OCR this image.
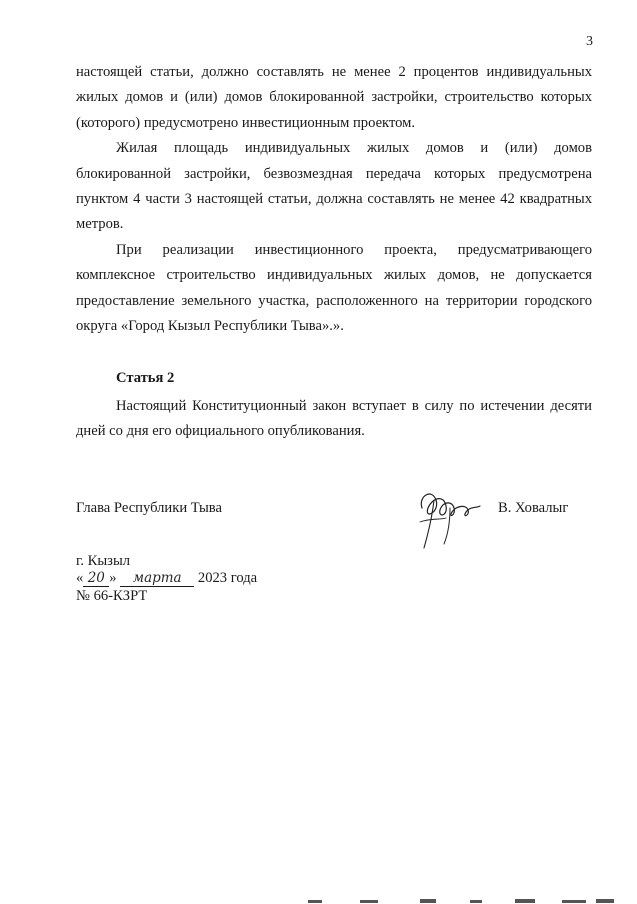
3

настоящей статьи, должно составлять не менее 2 процентов индивидуальных жилых домов и (или) домов блокированной застройки, строительство которых (которого) предусмотрено инвестиционным проектом.

Жилая площадь индивидуальных жилых домов и (или) домов блокированной застройки, безвозмездная передача которых предусмотрена пунктом 4 части 3 настоящей статьи, должна составлять не менее 42 квадратных метров.

При реализации инвестиционного проекта, предусматривающего комплексное строительство индивидуальных жилых домов, не допускается предоставление земельного участка, расположенного на территории городского округа «Город Кызыл Республики Тыва».».

Статья 2

Настоящий Конституционный закон вступает в силу по истечении десяти дней со дня его официального опубликования.

Глава Республики Тыва	В. Ховалыг
г. Кызыл
« 20 » марта 2023 года
№ 66-КЗРТ
